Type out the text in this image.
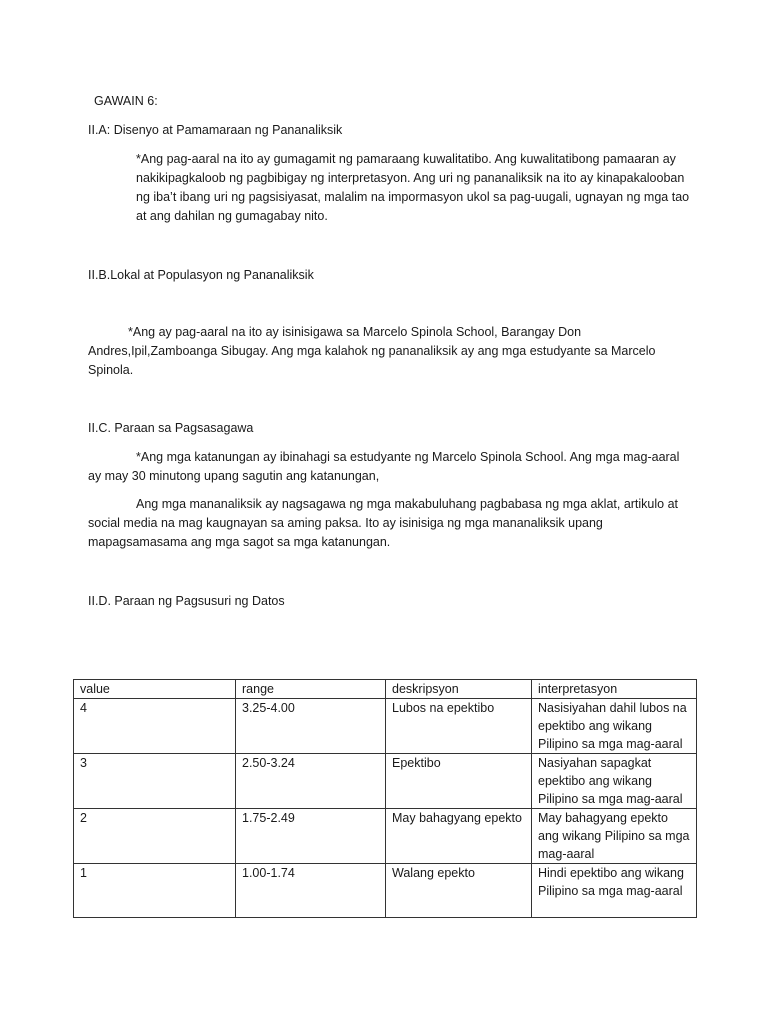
GAWAIN 6:

II.A: Disenyo at Pamamaraan ng Pananaliksik

*Ang pag-aaral na ito ay gumagamit ng pamaraang kuwalitatibo. Ang kuwalitatibong pamaaran ay nakikipagkaloob ng pagbibigay ng interpretasyon. Ang uri ng pananaliksik na ito ay kinapakalooban ng iba’t ibang uri ng pagsisiyasat, malalim na impormasyon ukol sa pag-uugali, ugnayan ng mga tao at ang dahilan ng gumagabay nito.

II.B.Lokal at Populasyon ng Pananaliksik

*Ang ay pag-aaral na ito ay isinisigawa sa Marcelo Spinola School, Barangay Don Andres,Ipil,Zamboanga Sibugay. Ang mga kalahok ng pananaliksik ay ang mga estudyante sa Marcelo Spinola.

II.C. Paraan sa Pagsasagawa

*Ang mga katanungan ay ibinahagi sa estudyante ng Marcelo Spinola School. Ang mga mag-aaral ay may 30 minutong upang sagutin ang katanungan,

Ang mga mananaliksik ay nagsagawa ng mga makabuluhang pagbabasa ng mga aklat, artikulo at social media na mag kaugnayan sa aming paksa. Ito ay isinisiga ng mga mananaliksik upang mapagsamasama ang mga sagot sa mga katanungan.

II.D. Paraan ng Pagsusuri ng Datos

value	range	deskripsyon	interpretasyon
4	3.25-4.00	Lubos na epektibo	Nasisiyahan dahil lubos na epektibo ang wikang Pilipino sa mga mag-aaral
3	2.50-3.24	Epektibo	Nasiyahan sapagkat epektibo ang wikang Pilipino sa mga mag-aaral
2	1.75-2.49	May bahagyang epekto	May bahagyang epekto ang wikang Pilipino sa mga mag-aaral
1	1.00-1.74	Walang epekto	Hindi epektibo ang wikang Pilipino sa mga mag-aaral
